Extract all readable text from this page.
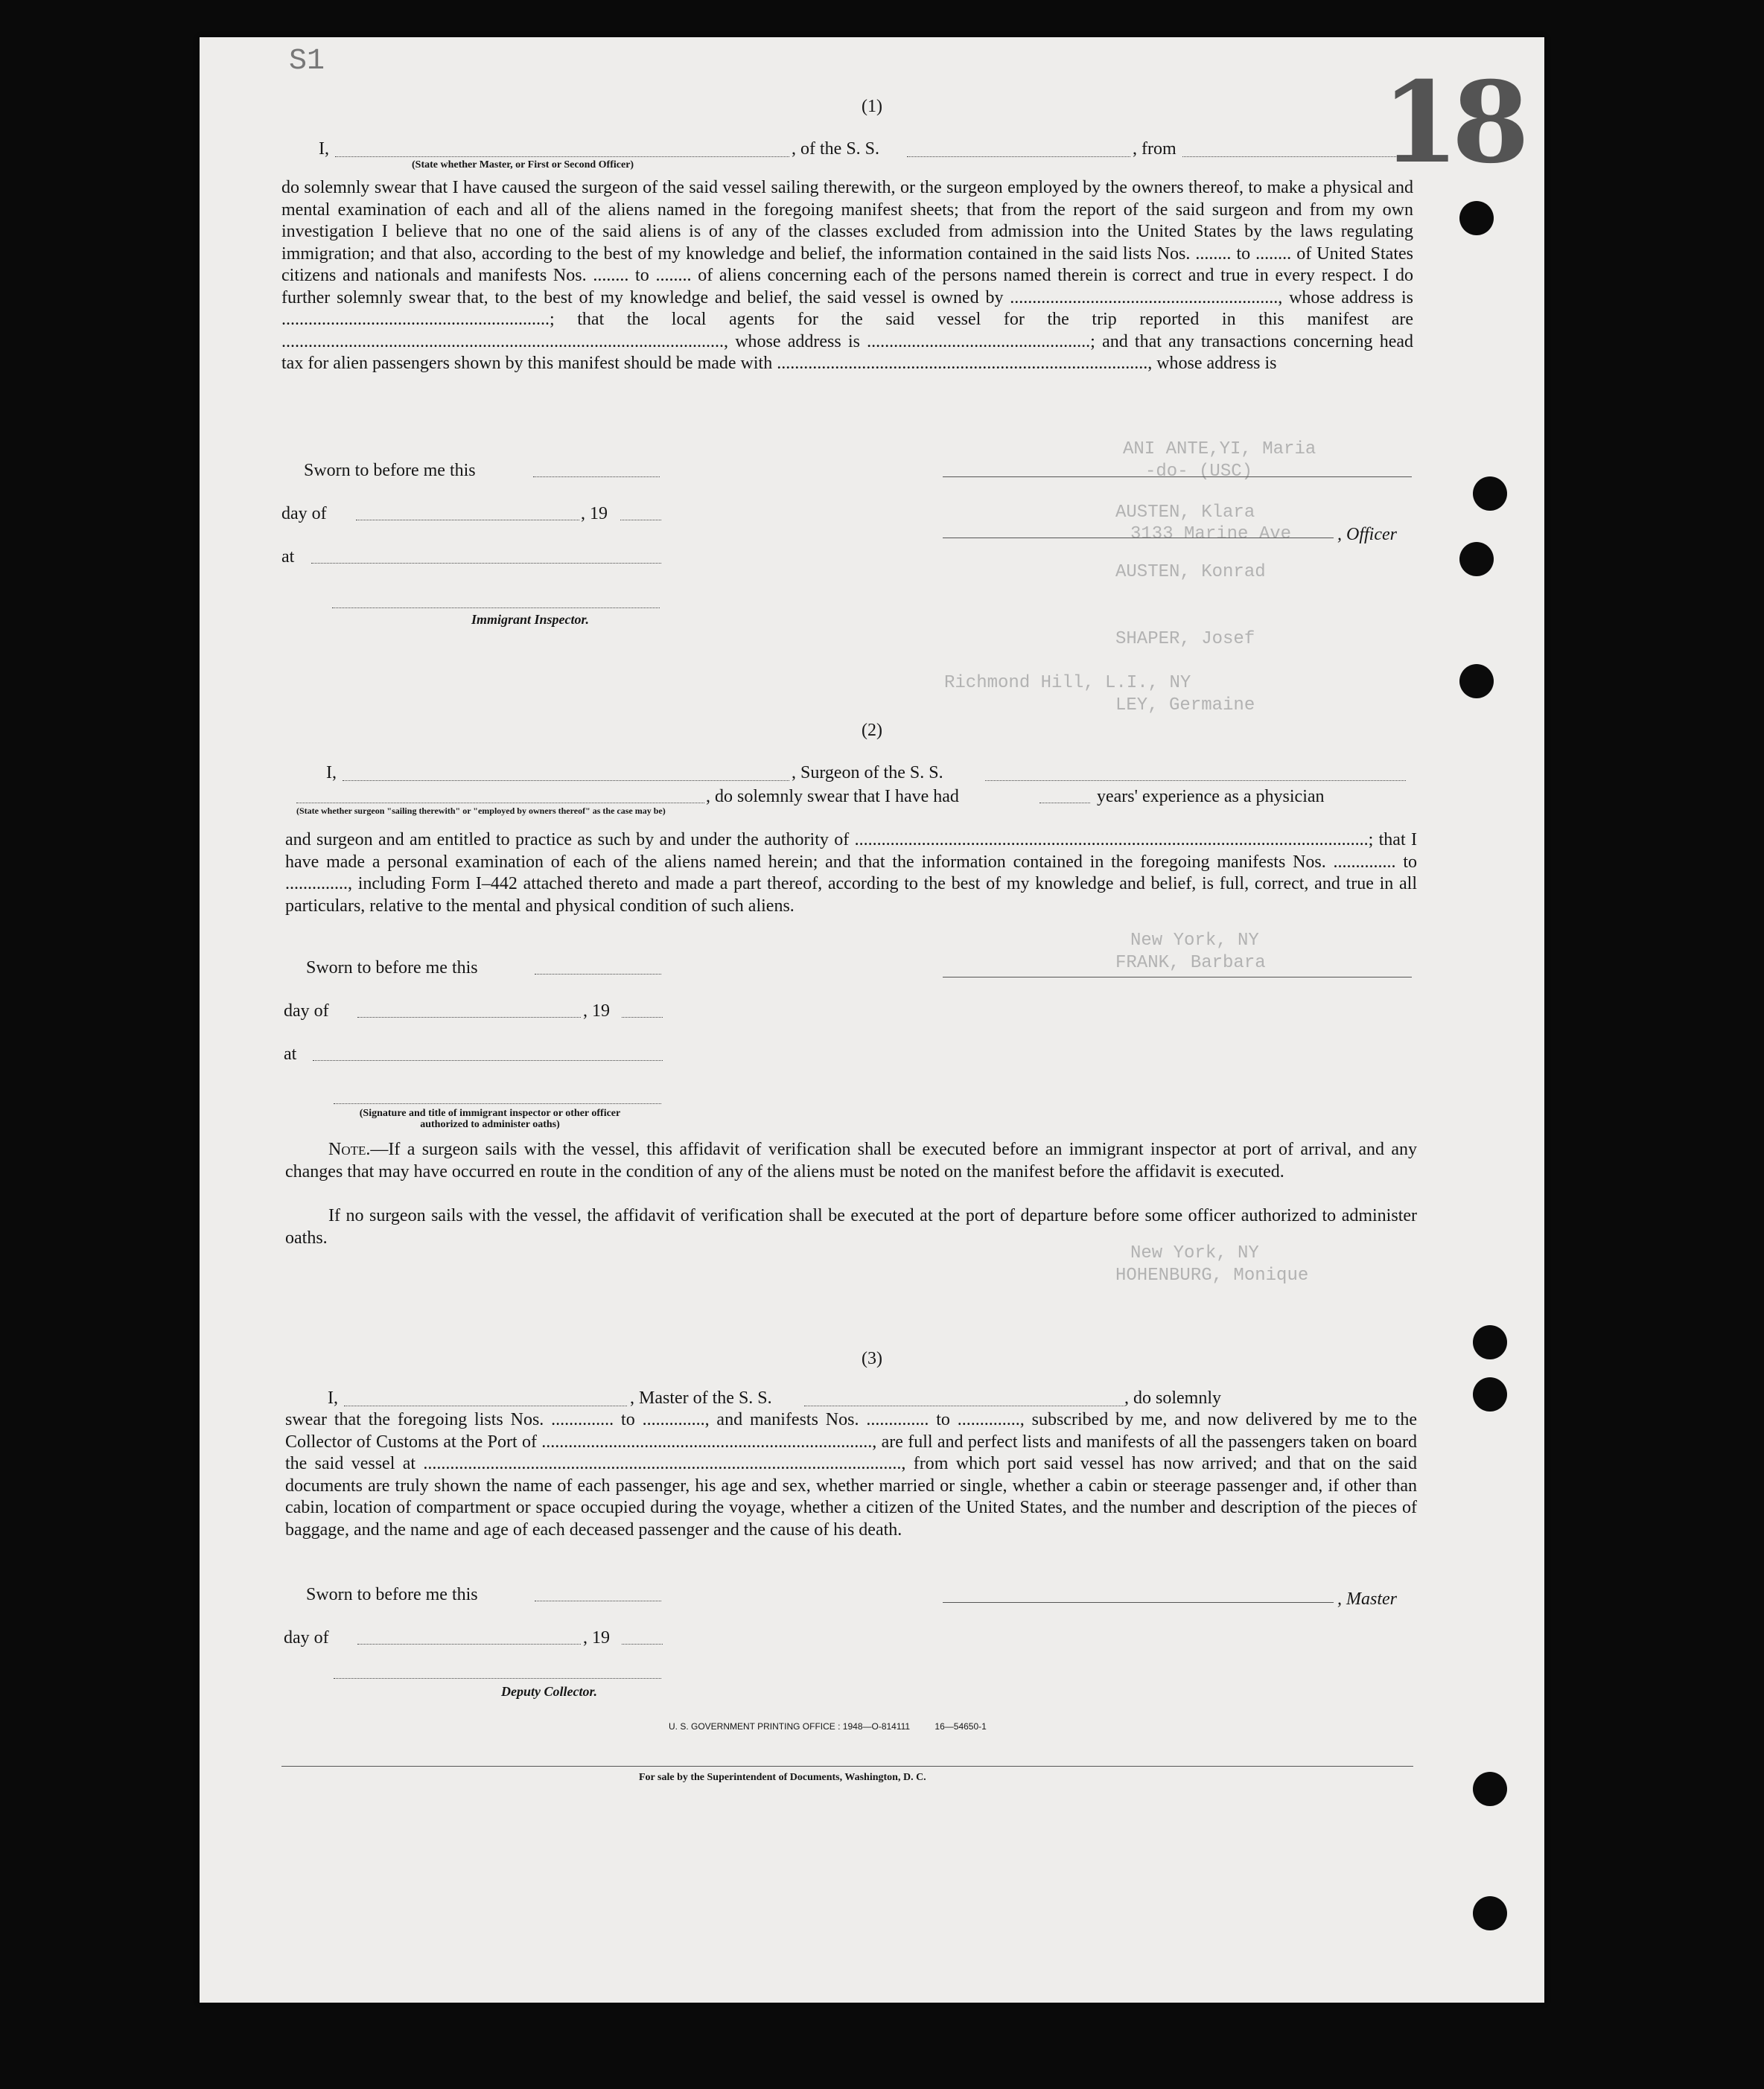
ANI ANTE,YI, Maria
-do- (USC)
AUSTEN, Klara
3133 Marine Ave
AUSTEN, Konrad
SHAPER, Josef
Richmond Hill, L.I., NY
LEY, Germaine
New York, NY
FRANK, Barbara
HOHENBURG, Monique
New York, NY
S1	18
(1)
I,	, of the S. S.	, from
(State whether Master, or First or Second Officer)
do solemnly swear that I have caused the surgeon of the said vessel sailing therewith, or the surgeon employed by the owners thereof, to make a physical and mental examination of each and all of the aliens named in the foregoing manifest sheets; that from the report of the said surgeon and from my own investigation I believe that no one of the said aliens is of any of the classes excluded from admission into the United States by the laws regulating immigration; and that also, according to the best of my knowledge and belief, the information contained in the said lists Nos. ........ to ........ of United States citizens and nationals and manifests Nos. ........ to ........ of aliens concerning each of the persons named therein is correct and true in every respect. I do further solemnly swear that, to the best of my knowledge and belief, the said vessel is owned by ............................................................, whose address is ............................................................; that the local agents for the said vessel for the trip reported in this manifest are ..................................................................................................., whose address is ..................................................; and that any transactions concerning head tax for alien passengers shown by this manifest should be made with ..................................................................................., whose address is
Sworn to before me this
day of	, 19
, Officer
at
Immigrant Inspector.
(2)
I,	, Surgeon of the S. S.
, do solemnly swear that I have had	years' experience as a physician
(State whether surgeon "sailing therewith" or "employed by owners thereof" as the case may be)
and surgeon and am entitled to practice as such by and under the authority of ...................................................................................................................; that I have made a personal examination of each of the aliens named herein; and that the information contained in the foregoing manifests Nos. .............. to .............., including Form I–442 attached thereto and made a part thereof, according to the best of my knowledge and belief, is full, correct, and true in all particulars, relative to the mental and physical condition of such aliens.
Sworn to before me this
day of	, 19
at
(Signature and title of immigrant inspector or other officer authorized to administer oaths)
Note.—If a surgeon sails with the vessel, this affidavit of verification shall be executed before an immigrant inspector at port of arrival, and any changes that may have occurred en route in the condition of any of the aliens must be noted on the manifest before the affidavit is executed.
If no surgeon sails with the vessel, the affidavit of verification shall be executed at the port of departure before some officer authorized to administer oaths.
(3)
I,	, Master of the S. S.	, do solemnly
swear that the foregoing lists Nos. .............. to .............., and manifests Nos. .............. to .............., subscribed by me, and now delivered by me to the Collector of Customs at the Port of .........................................................................., are full and perfect lists and manifests of all the passengers taken on board the said vessel at ..........................................................................................................., from which port said vessel has now arrived; and that on the said documents are truly shown the name of each passenger, his age and sex, whether married or single, whether a cabin or steerage passenger and, if other than cabin, location of compartment or space occupied during the voyage, whether a citizen of the United States, and the number and description of the pieces of baggage, and the name and age of each deceased passenger and the cause of his death.
Sworn to before me this	, Master
day of	, 19
Deputy Collector.
U. S. GOVERNMENT PRINTING OFFICE : 1948—O-814111          16—54650-1
For sale by the Superintendent of Documents, Washington, D. C.
